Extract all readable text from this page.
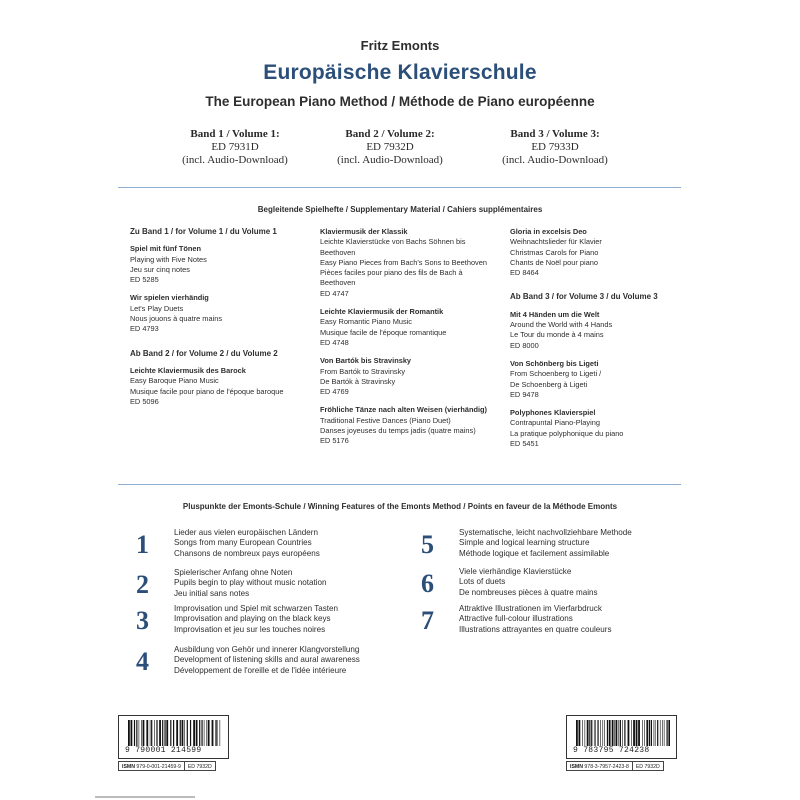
Fritz Emonts
Europäische Klavierschule
The European Piano Method / Méthode de Piano européenne
Band 1 / Volume 1:
ED 7931D
(incl. Audio-Download)
Band 2 / Volume 2:
ED 7932D
(incl. Audio-Download)
Band 3 / Volume 3:
ED 7933D
(incl. Audio-Download)
Begleitende Spielhefte / Supplementary Material / Cahiers supplémentaires
Zu Band 1 / for Volume 1 / du Volume 1
Spiel mit fünf Tönen
Playing with Five Notes
Jeu sur cinq notes
ED 5285
Wir spielen vierhändig
Let's Play Duets
Nous jouons à quatre mains
ED 4793
Ab Band 2 / for Volume 2 / du Volume 2
Leichte Klaviermusik des Barock
Easy Baroque Piano Music
Musique facile pour piano de l'époque baroque
ED 5096
Klaviermusik der Klassik
Leichte Klavierstücke von Bachs Söhnen bis Beethoven
Easy Piano Pieces from Bach's Sons to Beethoven
Pièces faciles pour piano des fils de Bach à Beethoven
ED 4747
Leichte Klaviermusik der Romantik
Easy Romantic Piano Music
Musique facile de l'époque romantique
ED 4748
Von Bartók bis Stravinsky
From Bartók to Stravinsky
De Bartók à Stravinsky
ED 4769
Fröhliche Tänze nach alten Weisen (vierhändig)
Traditional Festive Dances (Piano Duet)
Danses joyeuses du temps jadis (quatre mains)
ED 5176
Gloria in excelsis Deo
Weihnachtslieder für Klavier
Christmas Carols for Piano
Chants de Noël pour piano
ED 8464
Ab Band 3 / for Volume 3 / du Volume 3
Mit 4 Händen um die Welt
Around the World with 4 Hands
Le Tour du monde à 4 mains
ED 8000
Von Schönberg bis Ligeti
From Schoenberg to Ligeti /
De Schoenberg à Ligeti
ED 9478
Polyphones Klavierspiel
Contrapuntal Piano-Playing
La pratique polyphonique du piano
ED 5451
Pluspunkte der Emonts-Schule / Winning Features of the Emonts Method / Points en faveur de la Méthode Emonts
1	Lieder aus vielen europäischen Ländern
Songs from many European Countries
Chansons de nombreux pays européens
2	Spielerischer Anfang ohne Noten
Pupils begin to play without music notation
Jeu initial sans notes
3	Improvisation und Spiel mit schwarzen Tasten
Improvisation and playing on the black keys
Improvisation et jeu sur les touches noires
4	Ausbildung von Gehör und innerer Klangvorstellung
Development of listening skills and aural awareness
Développement de l'oreille et de l'idée intérieure
5	Systematische, leicht nachvollziehbare Methode
Simple and logical learning structure
Méthode logique et facilement assimilable
6	Viele vierhändige Klavierstücke
Lots of duets
De nombreuses pièces à quatre mains
7	Attraktive Illustrationen im Vierfarbdruck
Attractive full-colour illustrations
Illustrations attrayantes en quatre couleurs
9 790001 214599
ISMN 979-0-001-21459-9	ED 7932D
9 783795 724238
ISMN 978-3-7957-2423-8	ED 7932D
